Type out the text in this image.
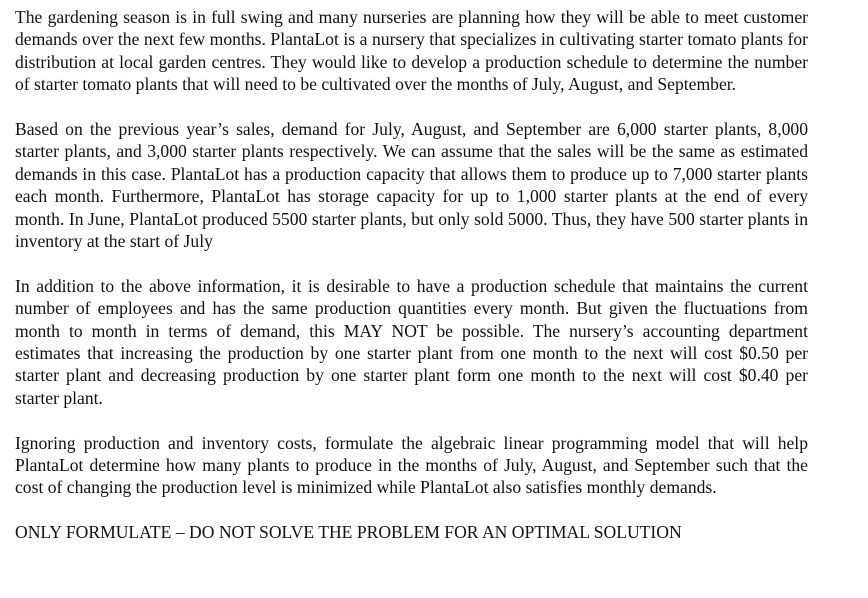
The gardening season is in full swing and many nurseries are planning how they will be able to meet customer demands over the next few months. PlantaLot is a nursery that specializes in cultivating starter tomato plants for distribution at local garden centres. They would like to develop a production schedule to determine the number of starter tomato plants that will need to be cultivated over the months of July, August, and September.

Based on the previous year’s sales, demand for July, August, and September are 6,000 starter plants, 8,000 starter plants, and 3,000 starter plants respectively. We can assume that the sales will be the same as estimated demands in this case. PlantaLot has a production capacity that allows them to produce up to 7,000 starter plants each month. Furthermore, PlantaLot has storage capacity for up to 1,000 starter plants at the end of every month. In June, PlantaLot produced 5500 starter plants, but only sold 5000. Thus, they have 500 starter plants in inventory at the start of July

In addition to the above information, it is desirable to have a production schedule that maintains the current number of employees and has the same production quantities every month. But given the fluctuations from month to month in terms of demand, this MAY NOT be possible. The nursery’s accounting department estimates that increasing the production by one starter plant from one month to the next will cost $0.50 per starter plant and decreasing production by one starter plant form one month to the next will cost $0.40 per starter plant.

Ignoring production and inventory costs, formulate the algebraic linear programming model that will help PlantaLot determine how many plants to produce in the months of July, August, and September such that the cost of changing the production level is minimized while PlantaLot also satisfies monthly demands.

ONLY FORMULATE – DO NOT SOLVE THE PROBLEM FOR AN OPTIMAL SOLUTION
